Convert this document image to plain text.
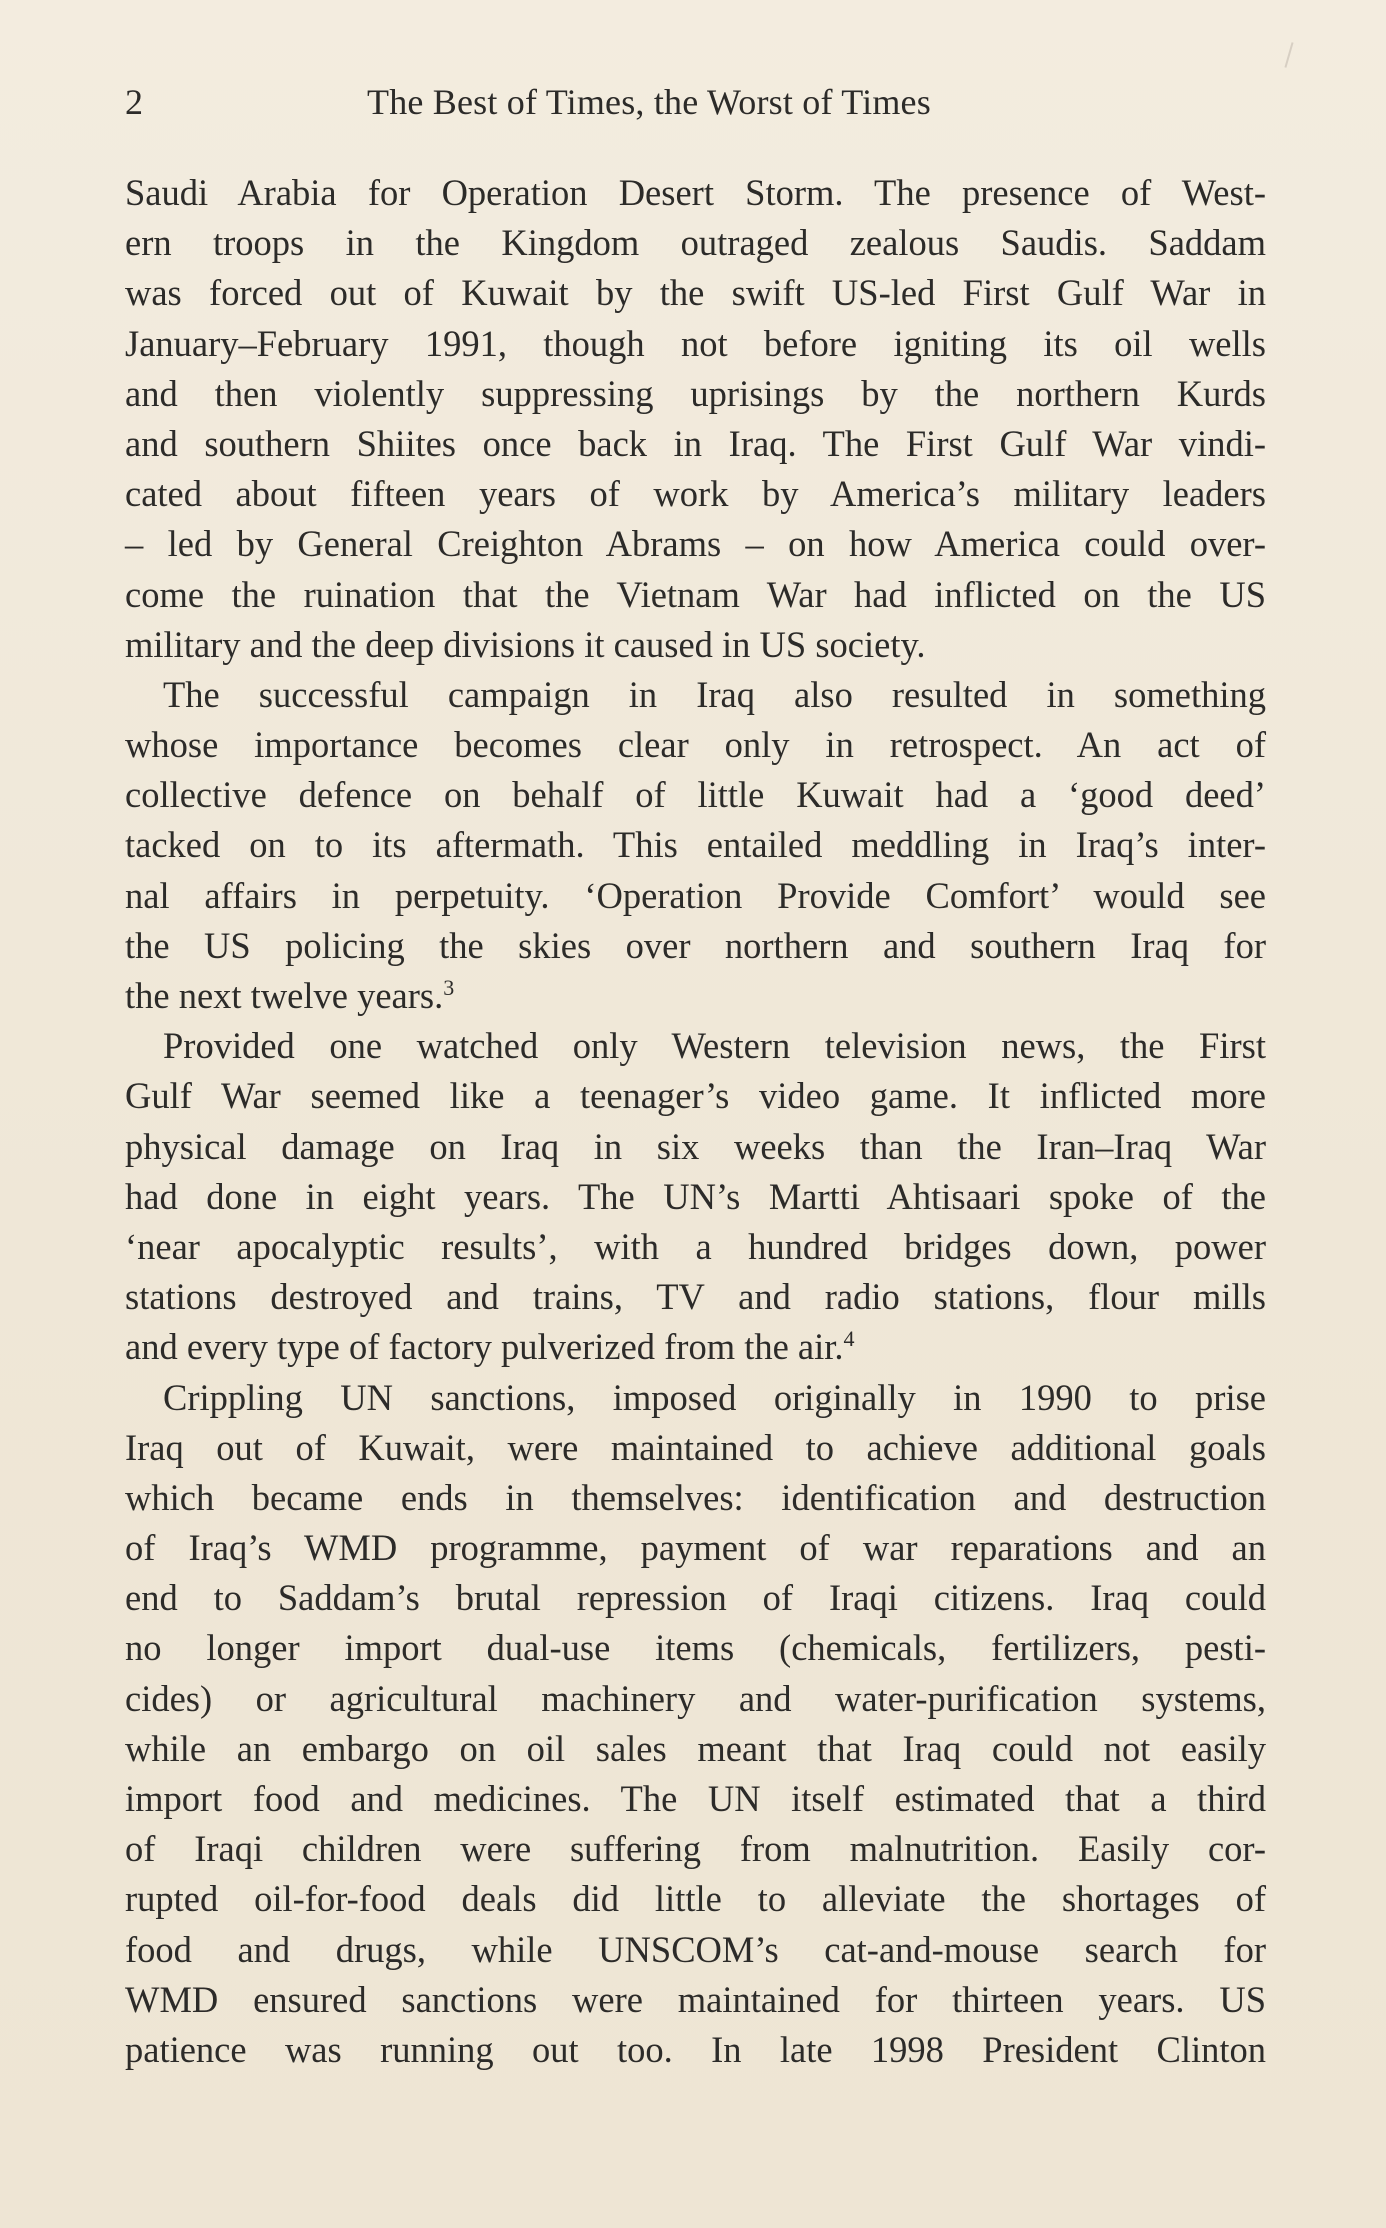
2	The Best of Times, the Worst of Times
Saudi Arabia for Operation Desert Storm. The presence of West-
ern troops in the Kingdom outraged zealous Saudis. Saddam
was forced out of Kuwait by the swift US-led First Gulf War in
January–February 1991, though not before igniting its oil wells
and then violently suppressing uprisings by the northern Kurds
and southern Shiites once back in Iraq. The First Gulf War vindi-
cated about fifteen years of work by America’s military leaders
– led by General Creighton Abrams – on how America could over-
come the ruination that the Vietnam War had inflicted on the US
military and the deep divisions it caused in US society.
The successful campaign in Iraq also resulted in something
whose importance becomes clear only in retrospect. An act of
collective defence on behalf of little Kuwait had a ‘good deed’
tacked on to its aftermath. This entailed meddling in Iraq’s inter-
nal affairs in perpetuity. ‘Operation Provide Comfort’ would see
the US policing the skies over northern and southern Iraq for
the next twelve years.$^3$
Provided one watched only Western television news, the First
Gulf War seemed like a teenager’s video game. It inflicted more
physical damage on Iraq in six weeks than the Iran–Iraq War
had done in eight years. The UN’s Martti Ahtisaari spoke of the
‘near apocalyptic results’, with a hundred bridges down, power
stations destroyed and trains, TV and radio stations, flour mills
and every type of factory pulverized from the air.$^4$
Crippling UN sanctions, imposed originally in 1990 to prise
Iraq out of Kuwait, were maintained to achieve additional goals
which became ends in themselves: identification and destruction
of Iraq’s WMD programme, payment of war reparations and an
end to Saddam’s brutal repression of Iraqi citizens. Iraq could
no longer import dual-use items (chemicals, fertilizers, pesti-
cides) or agricultural machinery and water-purification systems,
while an embargo on oil sales meant that Iraq could not easily
import food and medicines. The UN itself estimated that a third
of Iraqi children were suffering from malnutrition. Easily cor-
rupted oil-for-food deals did little to alleviate the shortages of
food and drugs, while UNSCOM’s cat-and-mouse search for
WMD ensured sanctions were maintained for thirteen years. US
patience was running out too. In late 1998 President Clinton
